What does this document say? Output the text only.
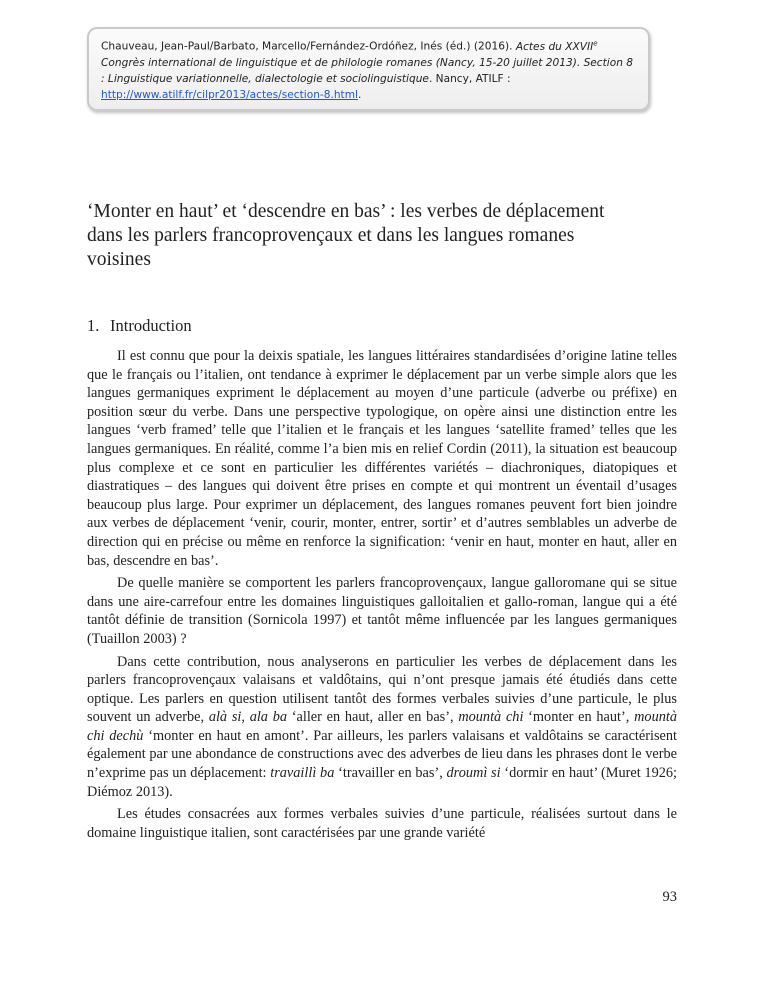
Chauveau, Jean-Paul/Barbato, Marcello/Fernández-Ordóñez, Inés (éd.) (2016). Actes du XXVIIe Congrès international de linguistique et de philologie romanes (Nancy, 15-20 juillet 2013). Section 8 : Linguistique variationnelle, dialectologie et sociolinguistique. Nancy, ATILF : http://www.atilf.fr/cilpr2013/actes/section-8.html.
‘Monter en haut’ et ‘descendre en bas’ : les verbes de déplacement dans les parlers francoprovençaux et dans les langues romanes voisines
1. Introduction

Il est connu que pour la deixis spatiale, les langues littéraires standardisées d’origine latine telles que le français ou l’italien, ont tendance à exprimer le déplacement par un verbe simple alors que les langues germaniques expriment le déplacement au moyen d’une particule (adverbe ou préfixe) en position sœur du verbe. Dans une perspective typologique, on opère ainsi une distinction entre les langues ‘verb framed’ telle que l’italien et le français et les langues ‘satellite framed’ telles que les langues germaniques. En réalité, comme l’a bien mis en relief Cordin (2011), la situation est beaucoup plus complexe et ce sont en particulier les différentes variétés – diachroniques, diatopiques et diastratiques – des langues qui doivent être prises en compte et qui montrent un éventail d’usages beaucoup plus large. Pour exprimer un déplacement, des langues romanes peuvent fort bien joindre aux verbes de déplacement ‘venir, courir, monter, entrer, sortir’ et d’autres semblables un adverbe de direction qui en précise ou même en renforce la signification: ‘venir en haut, monter en haut, aller en bas, descendre en bas’.

De quelle manière se comportent les parlers francoprovençaux, langue galloromane qui se situe dans une aire-carrefour entre les domaines linguistiques galloitalien et gallo-roman, langue qui a été tantôt définie de transition (Sornicola 1997) et tantôt même influencée par les langues germaniques (Tuaillon 2003) ?

Dans cette contribution, nous analyserons en particulier les verbes de déplacement dans les parlers francoprovençaux valaisans et valdôtains, qui n’ont presque jamais été étudiés dans cette optique. Les parlers en question utilisent tantôt des formes verbales suivies d’une particule, le plus souvent un adverbe, alà si, ala ba ‘aller en haut, aller en bas’, mountà chi ‘monter en haut’, mountà chi dechù ‘monter en haut en amont’. Par ailleurs, les parlers valaisans et valdôtains se caractérisent également par une abondance de constructions avec des adverbes de lieu dans les phrases dont le verbe n’exprime pas un déplacement: travaillì ba ‘travailler en bas’, droumì si ‘dormir en haut’ (Muret 1926; Diémoz 2013).

Les études consacrées aux formes verbales suivies d’une particule, réalisées surtout dans le domaine linguistique italien, sont caractérisées par une grande variété

93
